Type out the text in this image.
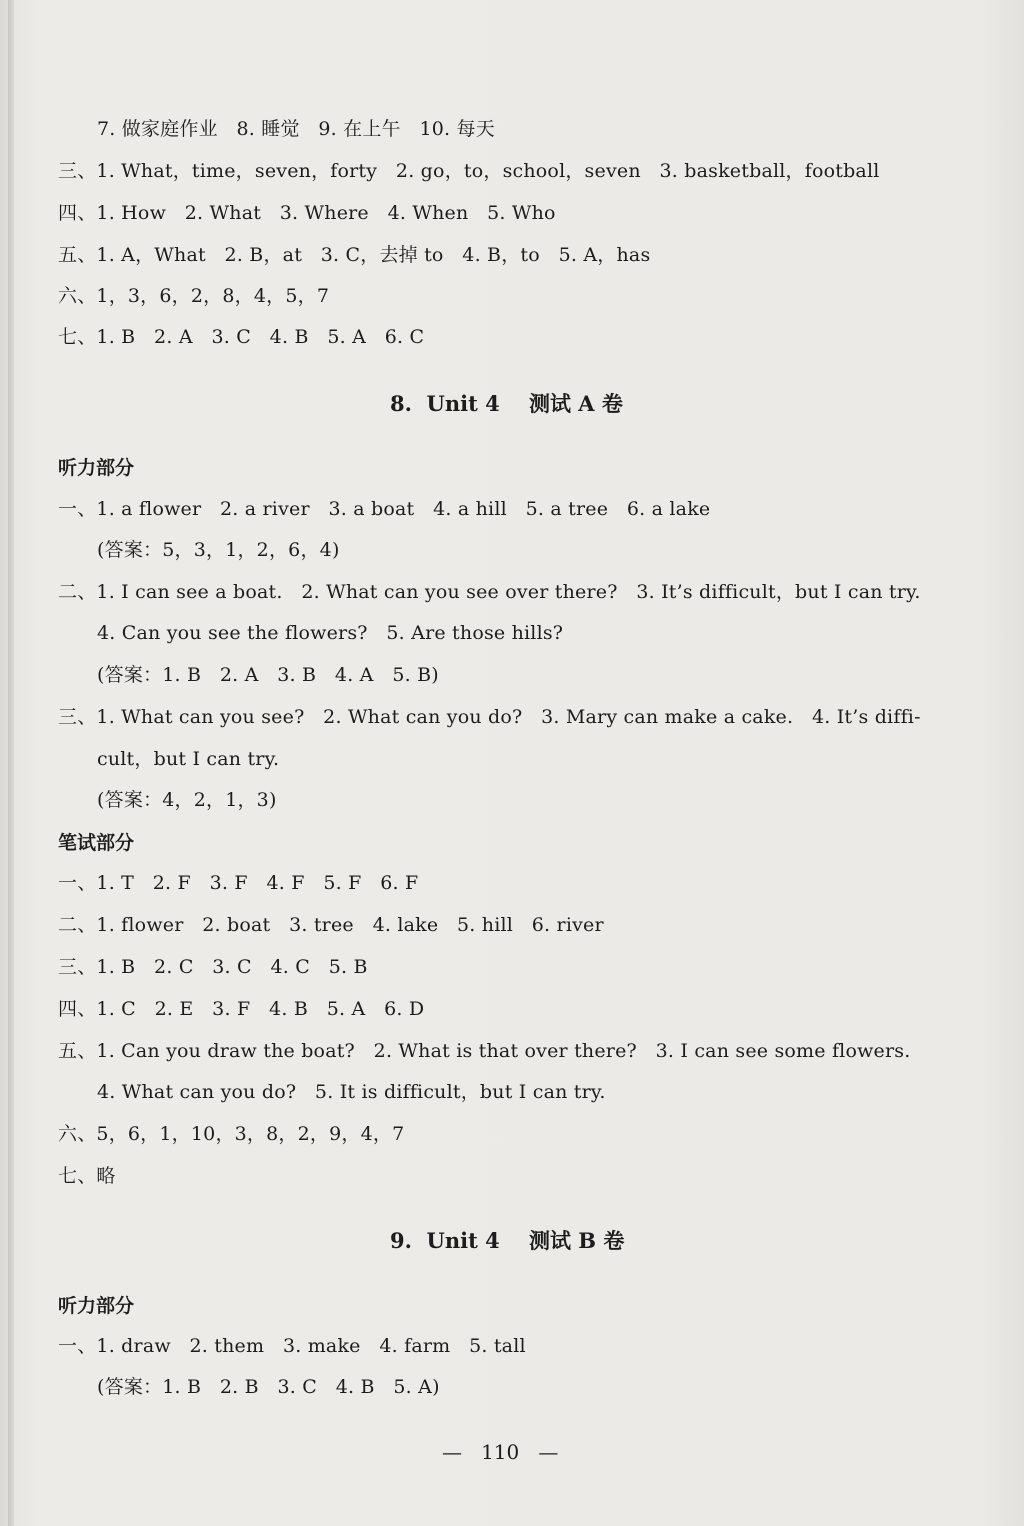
7. 做家庭作业   8. 睡觉   9. 在上午   10. 每天
三、1. What，time，seven，forty   2. go，to，school，seven   3. basketball，football
四、1. How   2. What   3. Where   4. When   5. Who
五、1. A，What   2. B，at   3. C，去掉 to   4. B，to   5. A，has
六、1，3，6，2，8，4，5，7
七、1. B   2. A   3. C   4. B   5. A   6. C
8.  Unit 4    测试 A 卷
听力部分
一、1. a flower   2. a river   3. a boat   4. a hill   5. a tree   6. a lake
(答案：5，3，1，2，6，4)
二、1. I can see a boat.   2. What can you see over there?   3. It’s difficult，but I can try.
4. Can you see the flowers?   5. Are those hills?
(答案：1. B   2. A   3. B   4. A   5. B)
三、1. What can you see?   2. What can you do?   3. Mary can make a cake.   4. It’s diffi-
cult，but I can try.
(答案：4，2，1，3)
笔试部分
一、1. T   2. F   3. F   4. F   5. F   6. F
二、1. flower   2. boat   3. tree   4. lake   5. hill   6. river
三、1. B   2. C   3. C   4. C   5. B
四、1. C   2. E   3. F   4. B   5. A   6. D
五、1. Can you draw the boat?   2. What is that over there?   3. I can see some flowers.
4. What can you do?   5. It is difficult，but I can try.
六、5，6，1，10，3，8，2，9，4，7
七、略
9.  Unit 4    测试 B 卷
听力部分
一、1. draw   2. them   3. make   4. farm   5. tall
(答案：1. B   2. B   3. C   4. B   5. A)
—   110   —
